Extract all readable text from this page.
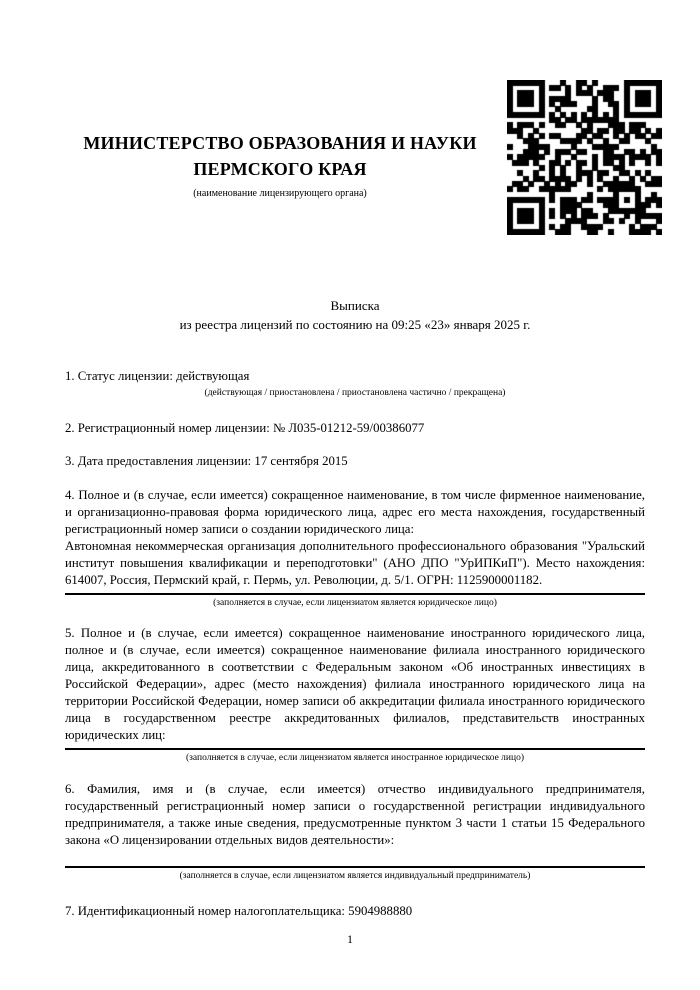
МИНИСТЕРСТВО ОБРАЗОВАНИЯ И НАУКИ ПЕРМСКОГО КРАЯ
(наименование лицензирующего органа)
Выписка
из реестра лицензий по состоянию на 09:25 «23» января 2025 г.
1. Статус лицензии: действующая
(действующая / приостановлена / приостановлена частично / прекращена)
2. Регистрационный номер лицензии: № Л035-01212-59/00386077
3. Дата предоставления лицензии: 17 сентября 2015
4. Полное и (в случае, если имеется) сокращенное наименование, в том числе фирменное наименование, и организационно-правовая форма юридического лица, адрес его места нахождения, государственный регистрационный номер записи о создании юридического лица:
Автономная некоммерческая организация дополнительного профессионального образования "Уральский институт повышения квалификации и переподготовки" (АНО ДПО "УрИПКиП"). Место нахождения: 614007, Россия, Пермский край, г. Пермь, ул. Революции, д. 5/1. ОГРН: 1125900001182.
(заполняется в случае, если лицензиатом является юридическое лицо)
5. Полное и (в случае, если имеется) сокращенное наименование иностранного юридического лица, полное и (в случае, если имеется) сокращенное наименование филиала иностранного юридического лица, аккредитованного в соответствии с Федеральным законом «Об иностранных инвестициях в Российской Федерации», адрес (место нахождения) филиала иностранного юридического лица на территории Российской Федерации, номер записи об аккредитации филиала иностранного юридического лица в государственном реестре аккредитованных филиалов, представительств иностранных юридических лиц:
(заполняется в случае, если лицензиатом является иностранное юридическое лицо)
6. Фамилия, имя и (в случае, если имеется) отчество индивидуального предпринимателя, государственный регистрационный номер записи о государственной регистрации индивидуального предпринимателя, а также иные сведения, предусмотренные пунктом 3 части 1 статьи 15 Федерального закона «О лицензировании отдельных видов деятельности»:
(заполняется в случае, если лицензиатом является индивидуальный предприниматель)
7. Идентификационный номер налогоплательщика: 5904988880
1
